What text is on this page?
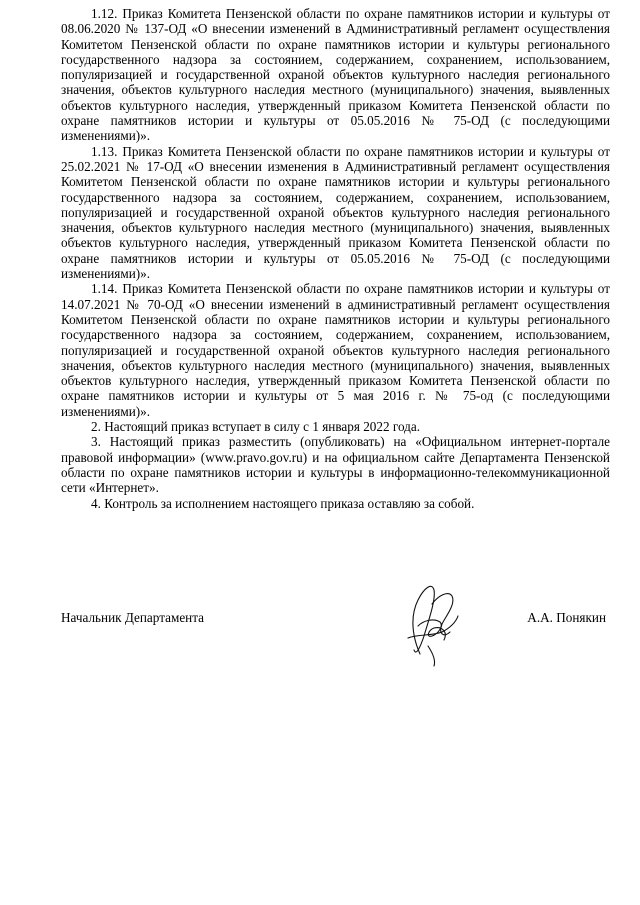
1.12. Приказ Комитета Пензенской области по охране памятников истории и культуры от 08.06.2020 № 137-ОД «О внесении изменений в Административный регламент осуществления Комитетом Пензенской области по охране памятников истории и культуры регионального государственного надзора за состоянием, содержанием, сохранением, использованием, популяризацией и государственной охраной объектов культурного наследия регионального значения, объектов культурного наследия местного (муниципального) значения, выявленных объектов культурного наследия, утвержденный приказом Комитета Пензенской области по охране памятников истории и культуры от 05.05.2016 № 75-ОД (с последующими изменениями)».

1.13. Приказ Комитета Пензенской области по охране памятников истории и культуры от 25.02.2021 № 17-ОД «О внесении изменения в Административный регламент осуществления Комитетом Пензенской области по охране памятников истории и культуры регионального государственного надзора за состоянием, содержанием, сохранением, использованием, популяризацией и государственной охраной объектов культурного наследия регионального значения, объектов культурного наследия местного (муниципального) значения, выявленных объектов культурного наследия, утвержденный приказом Комитета Пензенской области по охране памятников истории и культуры от 05.05.2016 № 75-ОД (с последующими изменениями)».

1.14. Приказ Комитета Пензенской области по охране памятников истории и культуры от 14.07.2021 № 70-ОД «О внесении изменений в административный регламент осуществления Комитетом Пензенской области по охране памятников истории и культуры регионального государственного надзора за состоянием, содержанием, сохранением, использованием, популяризацией и государственной охраной объектов культурного наследия регионального значения, объектов культурного наследия местного (муниципального) значения, выявленных объектов культурного наследия, утвержденный приказом Комитета Пензенской области по охране памятников истории и культуры от 5 мая 2016 г. № 75-од (с последующими изменениями)».

2. Настоящий приказ вступает в силу с 1 января 2022 года.

3. Настоящий приказ разместить (опубликовать) на «Официальном интернет-портале правовой информации» (www.pravo.gov.ru) и на официальном сайте Департамента Пензенской области по охране памятников истории и культуры в информационно-телекоммуникационной сети «Интернет».

4. Контроль за исполнением настоящего приказа оставляю за собой.

Начальник Департамента	А.А. Понякин
